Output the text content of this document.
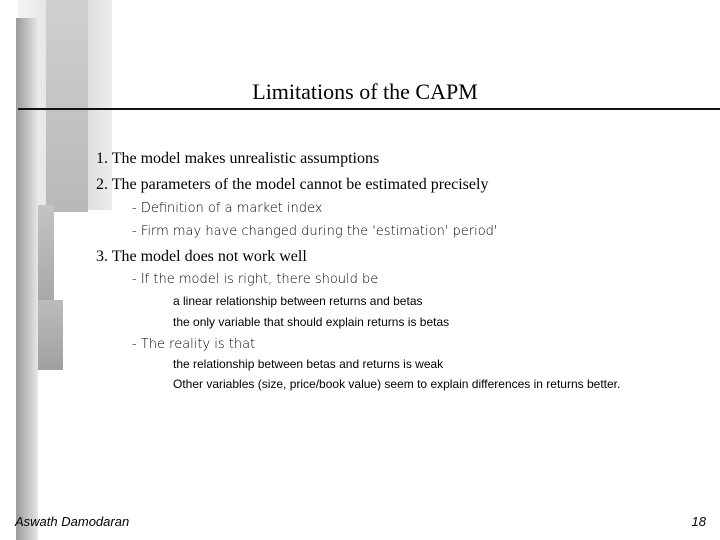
Limitations of the CAPM
1. The model makes unrealistic assumptions
2. The parameters of the model cannot be estimated precisely
- Definition of a market index
- Firm may have changed during the 'estimation' period'
3. The model does not work well
- If the model is right, there should be
a linear relationship between returns and betas
the only variable that should explain returns is betas
- The reality is that
the relationship between betas and returns is weak
Other variables (size, price/book value) seem to explain differences in returns better.
Aswath Damodaran	18
